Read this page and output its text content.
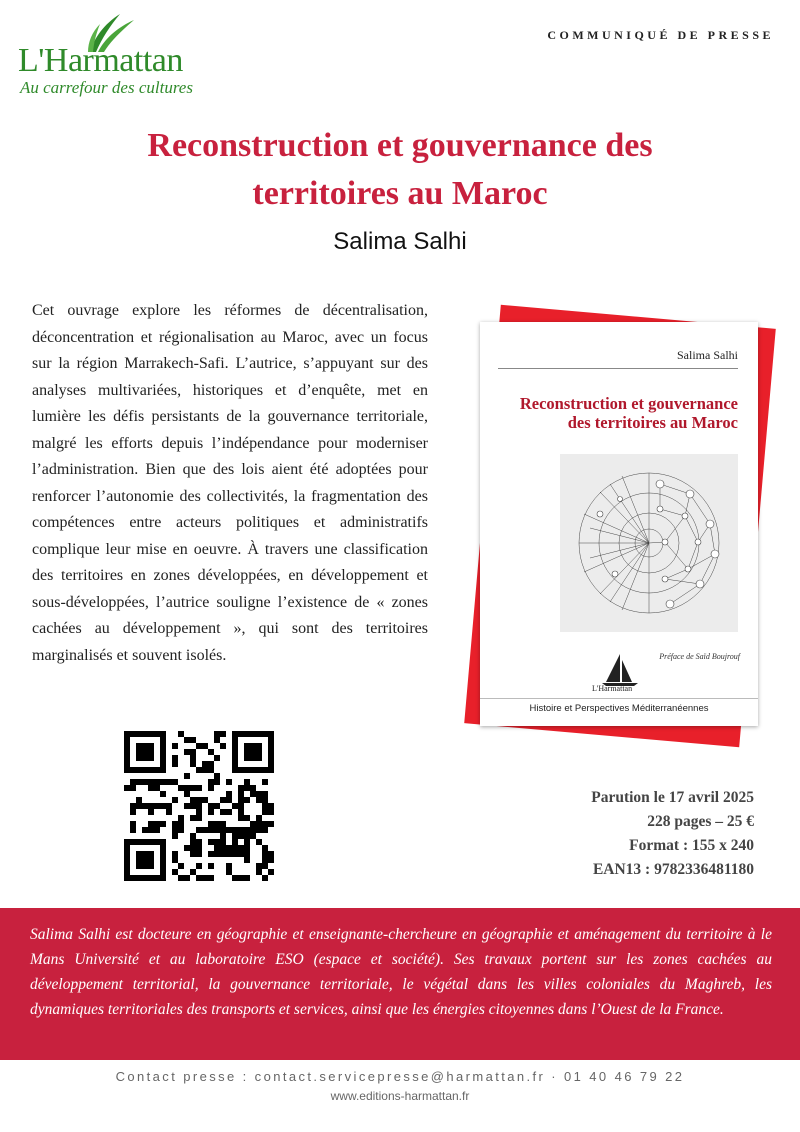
L'Harmattan
Au carrefour des cultures
COMMUNIQUÉ DE PRESSE
Reconstruction et gouvernance des
territoires au Maroc
Salima Salhi
Cet ouvrage explore les réformes de décentralisation, déconcentration et régionalisation au Maroc, avec un focus sur la région Marrakech-Safi. L’autrice, s’appuyant sur des analyses multivariées, historiques et d’enquête, met en lumière les défis persistants de la gouvernance territoriale, malgré les efforts depuis l’indépendance pour moderniser l’administration. Bien que des lois aient été adoptées pour renforcer l’autonomie des collectivités, la fragmentation des compétences entre acteurs politiques et administratifs complique leur mise en oeuvre. À travers une classification des territoires en zones développées, en développement et sous-développées, l’autrice souligne l’existence de « zones cachées au développement », qui sont des territoires marginalisés et souvent isolés.
Salima Salhi
Reconstruction et gouvernance
des territoires au Maroc
Préface de Saïd Boujrouf
L'Harmattan
Histoire et Perspectives Méditerranéennes
Parution le 17 avril 2025
228 pages – 25 €
Format : 155 x 240
EAN13 : 9782336481180
Salima Salhi est docteure en géographie et enseignante-chercheure en géographie et aménagement du territoire à le Mans Université et au laboratoire ESO (espace et société). Ses travaux portent sur les zones cachées au développement territorial, la gouvernance territoriale, le végétal dans les villes coloniales du Maghreb, les dynamiques territoriales des transports et services, ainsi que les énergies citoyennes dans l’Ouest de la France.
Contact presse : contact.servicepresse@harmattan.fr · 01 40 46 79 22
www.editions-harmattan.fr
